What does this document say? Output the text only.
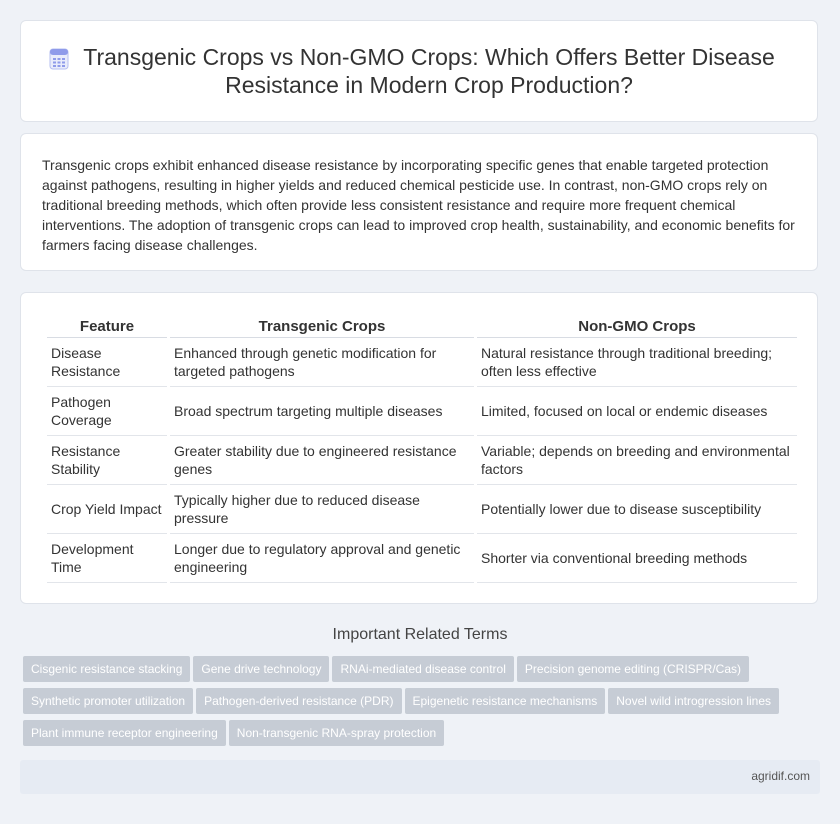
Transgenic Crops vs Non-GMO Crops: Which Offers Better Disease Resistance in Modern Crop Production?

Transgenic crops exhibit enhanced disease resistance by incorporating specific genes that enable targeted protection against pathogens, resulting in higher yields and reduced chemical pesticide use. In contrast, non-GMO crops rely on traditional breeding methods, which often provide less consistent resistance and require more frequent chemical interventions. The adoption of transgenic crops can lead to improved crop health, sustainability, and economic benefits for farmers facing disease challenges.

Feature	Transgenic Crops	Non-GMO Crops
Disease Resistance	Enhanced through genetic modification for targeted pathogens	Natural resistance through traditional breeding; often less effective
Pathogen Coverage	Broad spectrum targeting multiple diseases	Limited, focused on local or endemic diseases
Resistance Stability	Greater stability due to engineered resistance genes	Variable; depends on breeding and environmental factors
Crop Yield Impact	Typically higher due to reduced disease pressure	Potentially lower due to disease susceptibility
Development Time	Longer due to regulatory approval and genetic engineering	Shorter via conventional breeding methods
Important Related Terms
Cisgenic resistance stacking Gene drive technology RNAi-mediated disease control Precision genome editing (CRISPR/Cas)
Synthetic promoter utilization Pathogen-derived resistance (PDR) Epigenetic resistance mechanisms Novel wild introgression lines
Plant immune receptor engineering Non-transgenic RNA-spray protection
agridif.com
